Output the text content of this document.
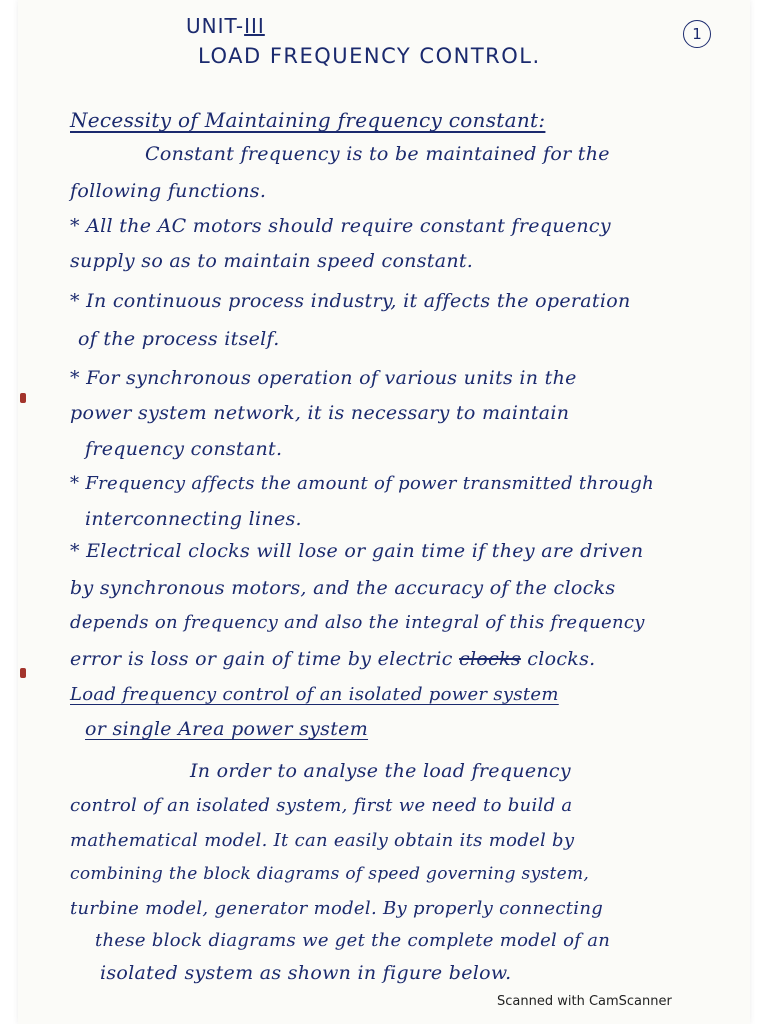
UNIT-III
LOAD FREQUENCY CONTROL.
1
Necessity of Maintaining frequency constant:
Constant frequency is to be maintained for the
following functions.
* All the AC motors should require constant frequency
supply so as to maintain speed constant.
* In continuous process industry, it affects the operation
of the process itself.
* For synchronous operation of various units in the
power system network, it is necessary to maintain
frequency constant.
* Frequency affects the amount of power transmitted through
interconnecting lines.
* Electrical clocks will lose or gain time if they are driven
by synchronous motors, and the accuracy of the clocks
depends on frequency and also the integral of this frequency
error is loss or gain of time by electric clocks clocks.
Load frequency control of an isolated power system
or single Area power system
In order to analyse the load frequency
control of an isolated system, first we need to build a
mathematical model. It can easily obtain its model by
combining the block diagrams of speed governing system,
turbine model, generator model. By properly connecting
these block diagrams we get the complete model of an
isolated system as shown in figure below.
Scanned with CamScanner
